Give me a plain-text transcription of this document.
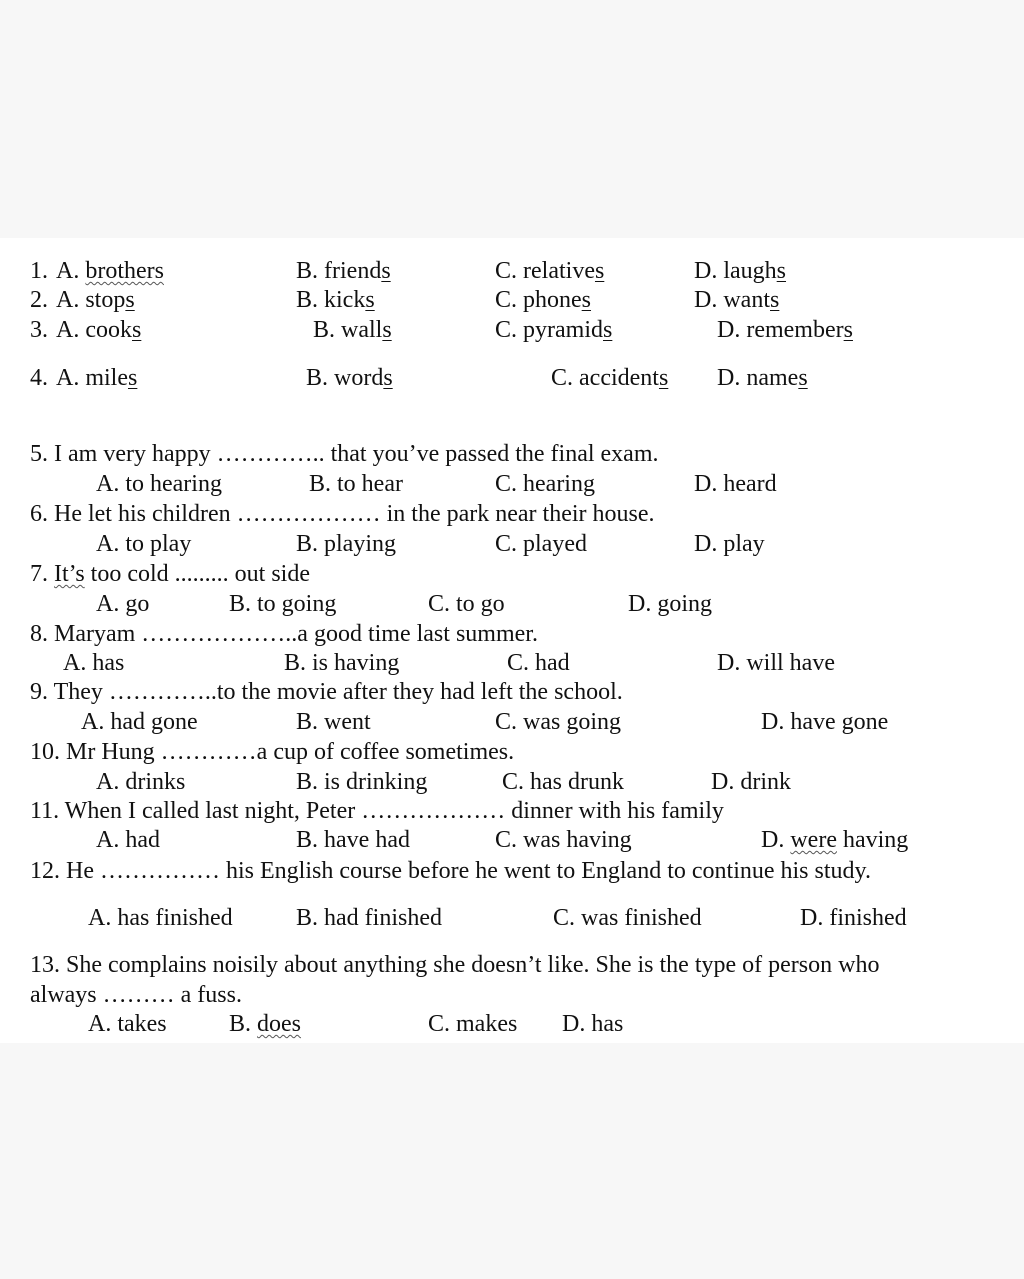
1. A. brothers	B. friends	C. relatives	D. laughs
2. A. stops	B. kicks	C. phones	D. wants
3. A. cooks	B. walls	C. pyramids	D. remembers
4. A. miles	B. words	C. accidents D. names
5. I am very happy ………….. that you’ve passed the final exam.
A. to hearing	B. to hear	C. hearing	D. heard
6. He let his children ……………… in the park near their house.
A. to play	B. playing	C. played	D. play
7. It’s too cold ......... out side
A. go	B. to going	C. to go	D. going
8. Maryam ………………..a good time last summer.
A. has	B. is having	C. had	D. will have
9. They …………..to the movie after they had left the school.
A. had gone	B. went	C. was going	D. have gone
10. Mr Hung …………a cup of coffee sometimes.
A. drinks	B. is drinking	C. has drunk	D. drink
11. When I called last night, Peter ……………… dinner with his family
A. had	B. have had	C. was having	D. were having
12. He …………… his English course before he went to England to continue his study.
A. has finished	B. had finished	C. was finished	D. finished
13. She complains noisily about anything she doesn’t like. She is the type of person who
always ……… a fuss.
A. takes	B. does	C. makes D. has
